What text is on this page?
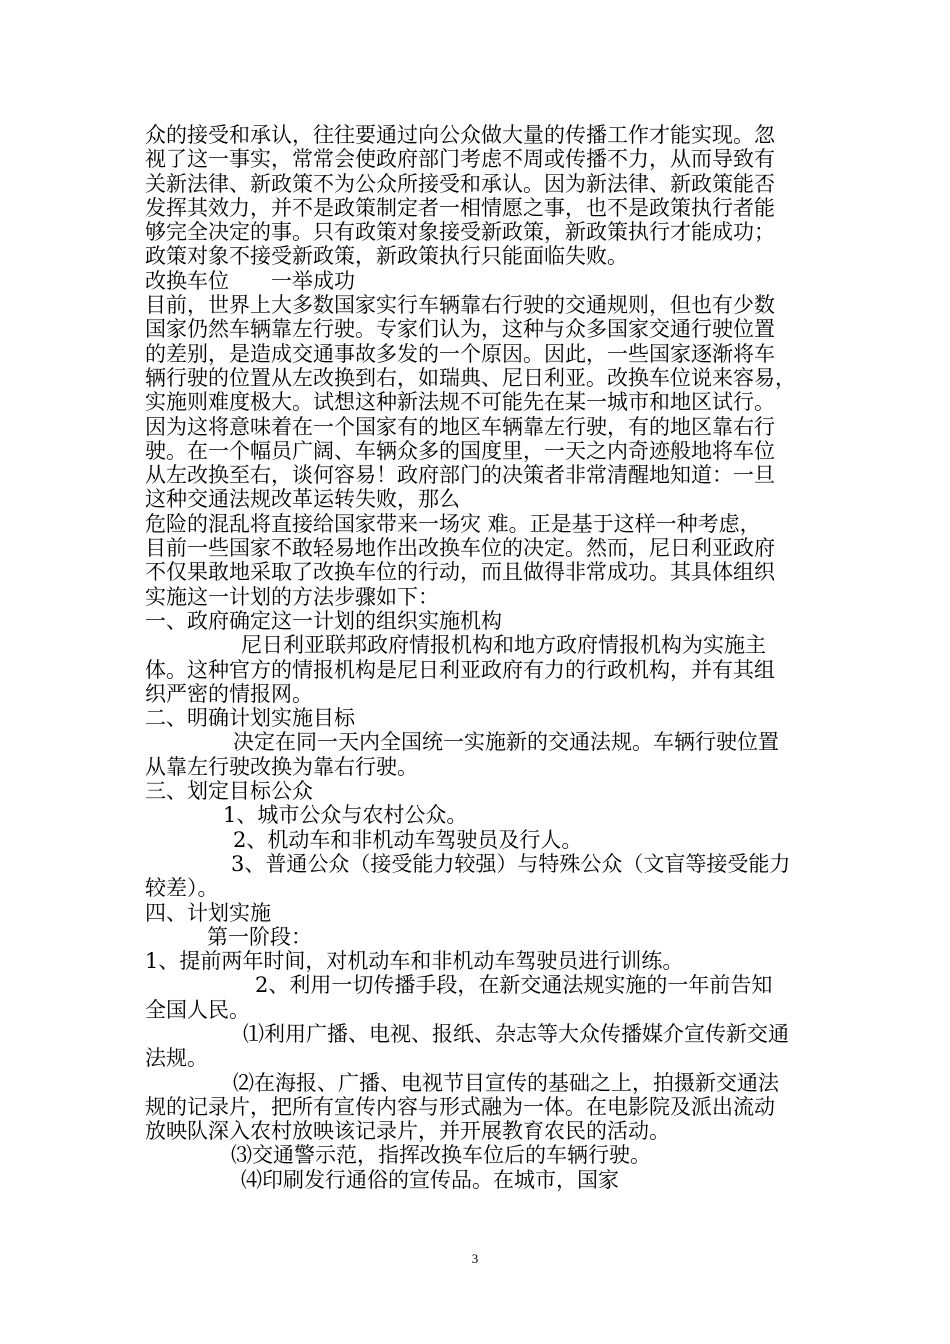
众的接受和承认，往往要通过向公众做大量的传播工作才能实现。忽
视了这一事实，常常会使政府部门考虑不周或传播不力，从而导致有
关新法律、新政策不为公众所接受和承认。因为新法律、新政策能否
发挥其效力，并不是政策制定者一相情愿之事，也不是政策执行者能
够完全决定的事。只有政策对象接受新政策，新政策执行才能成功；
政策对象不接受新政策，新政策执行只能面临失败。
改换车位　　一举成功
目前，世界上大多数国家实行车辆靠右行驶的交通规则，但也有少数
国家仍然车辆靠左行驶。专家们认为，这种与众多国家交通行驶位置
的差别，是造成交通事故多发的一个原因。因此，一些国家逐渐将车
辆行驶的位置从左改换到右，如瑞典、尼日利亚。改换车位说来容易，
实施则难度极大。试想这种新法规不可能先在某一城市和地区试行。
因为这将意味着在一个国家有的地区车辆靠左行驶，有的地区靠右行
驶。在一个幅员广阔、车辆众多的国度里，一天之内奇迹般地将车位
从左改换至右，谈何容易！政府部门的决策者非常清醒地知道：一旦
这种交通法规改革运转失败，那么
危险的混乱将直接给国家带来一场灾 难。正是基于这样一种考虑，
目前一些国家不敢轻易地作出改换车位的决定。然而，尼日利亚政府
不仅果敢地采取了改换车位的行动，而且做得非常成功。其具体组织
实施这一计划的方法步骤如下：
一、政府确定这一计划的组织实施机构
尼日利亚联邦政府情报机构和地方政府情报机构为实施主
体。这种官方的情报机构是尼日利亚政府有力的行政机构，并有其组
织严密的情报网。
二、明确计划实施目标
决定在同一天内全国统一实施新的交通法规。车辆行驶位置
从靠左行驶改换为靠右行驶。
三、划定目标公众
1、城市公众与农村公众。
2、机动车和非机动车驾驶员及行人。
3、普通公众（接受能力较强）与特殊公众（文盲等接受能力
较差）。
四、计划实施
第一阶段：
1、提前两年时间，对机动车和非机动车驾驶员进行训练。
2、利用一切传播手段，在新交通法规实施的一年前告知
全国人民。
⑴利用广播、电视、报纸、杂志等大众传播媒介宣传新交通
法规。
⑵在海报、广播、电视节目宣传的基础之上，拍摄新交通法
规的记录片，把所有宣传内容与形式融为一体。在电影院及派出流动
放映队深入农村放映该记录片，并开展教育农民的活动。
⑶交通警示范，指挥改换车位后的车辆行驶。
⑷印刷发行通俗的宣传品。在城市，国家
3
